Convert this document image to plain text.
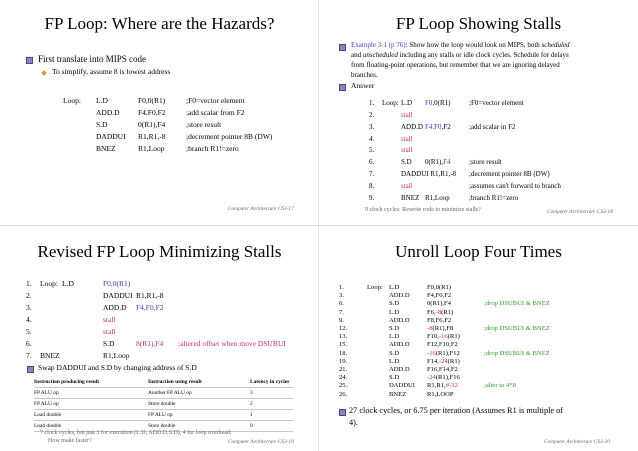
FP Loop: Where are the Hazards?
First translate into MIPS code
To simplify, assume 8 is lowest address
Loop: L.D	F0,0(R1)	;F0=vector element
ADD.D F4,F0,F2	;add scalar from F2
S.D	0(R1),F4	;store result
DADDUI R1,R1,-8	;decrement pointer 8B (DW)
BNEZ	R1,Loop	;branch R1!=zero
Computer Architecture CS3-17
FP Loop Showing Stalls
Example 3-1 (p 76): Show how the loop would look on MIPS, both scheduled
and unscheduled including any stalls or idle clock cycles. Schedule for delays
from floating-point operations, but remember that we are ignoring delayed
branches.
Answer
1. Loop: L.D F0,0(R1)	;F0=vector element
2.	stall
3.	ADD.D F4,F0,F2	;add scalar in F2
4.	stall
5.	stall
6.	S.D 0(R1),F4	;store result
7.	DADDUI R1,R1,-8 ;decrement pointer 8B (DW)
8.	stall	;assumes can't forward to branch
9.	BNEZ R1,Loop	;branch R1!=zero
9 clock cycles: Rewrite code to minimize stalls?	Computer Architecture CS3-18
Revised FP Loop Minimizing Stalls
1. Loop: L.D	F0,0(R1)
2.	DADDUI R1,R1,-8
3.	ADD.D F4,F0,F2
4.	stall
5.	stall
6.	S.D	8(R1),F4 ;altered offset when move DSUBUI
7. BNEZ	R1,Loop
Swap DADDUI and S.D by changing address of S.D
Instruction producing result	Instruction using result	Latency in cycles
FP ALU op	Another FP ALU op	3
FP ALU op	Store double	2
Load double	FP ALU op	1
Load double	Store double	0
7 clock cycles, but just 3 for execution (L.D, ADD.D,S.D), 4 for loop overhead;
How make faster?	Computer Architecture CS3-19
Unroll Loop Four Times
1.	Loop: L.D	F0,0(R1)
3.	ADD.D	F4,F0,F2
6.	S.D	0(R1),F4	;drop DSUBUI & BNEZ
7.	L.D	F6,-8(R1)
9.	ADD.D	F8,F6,F2
12.	S.D	-8(R1),F8	;drop DSUBUI & BNEZ
13.	L.D	F10,-16(R1)
15.	ADD.D	F12,F10,F2
18.	S.D	-16(R1),F12	;drop DSUBUI & BNEZ
19.	L.D	F14,-24(R1)
21.	ADD.D	F16,F14,F2
24.	S.D	-24(R1),F16
25.	DADDUI R1,R1,#-32	;alter to 4*8
26.	BNEZ	R1,LOOP
27 clock cycles, or 6.75 per iteration (Assumes R1 is multiple of
4).
Computer Architecture CS3-20
